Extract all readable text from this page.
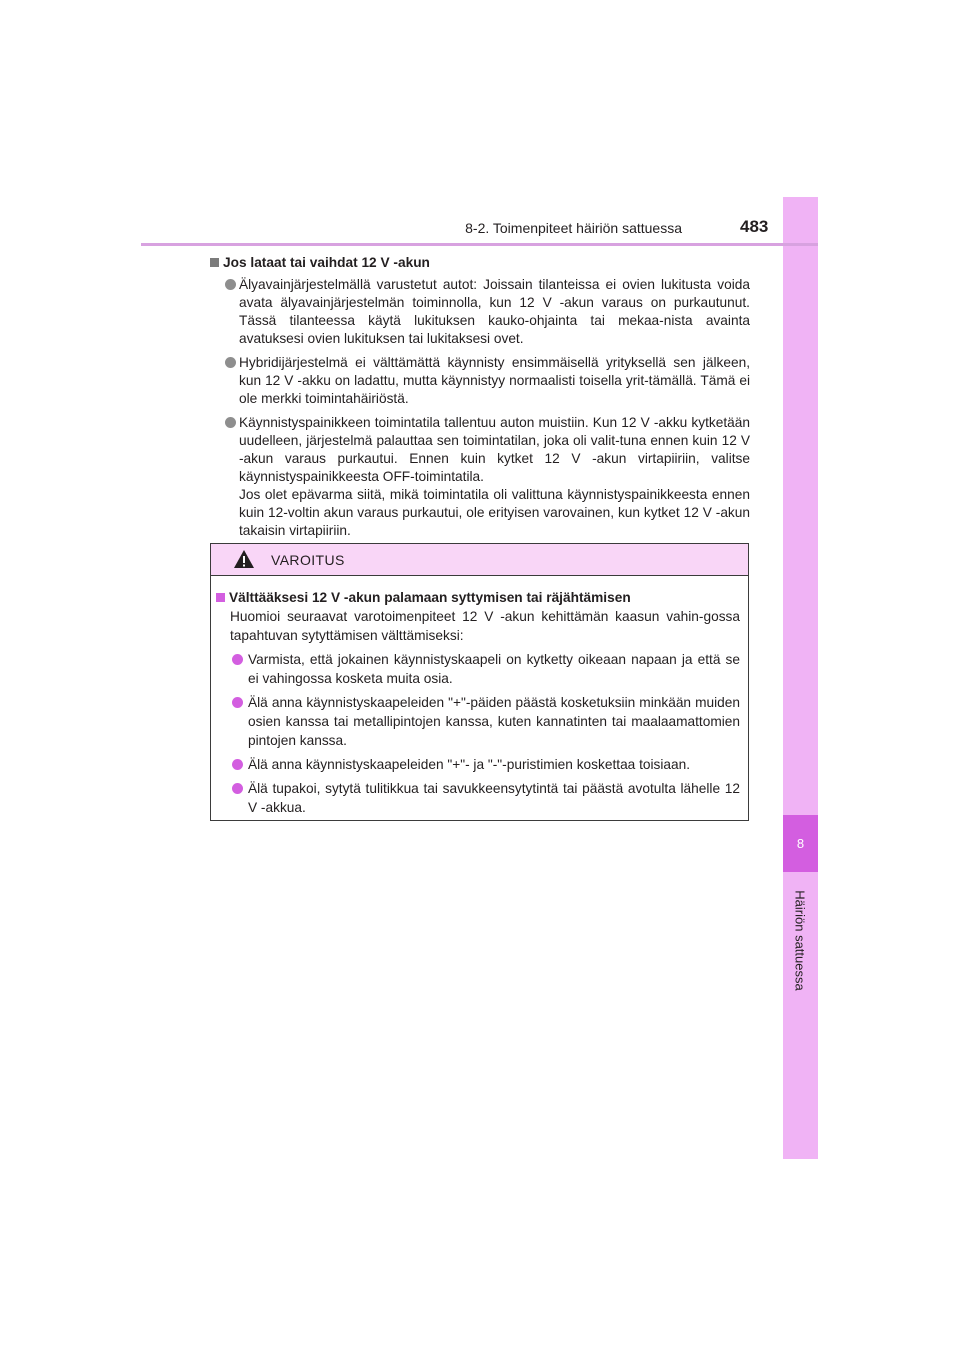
8
Häiriön sattuessa
8-2. Toimenpiteet häiriön sattuessa	483
Jos lataat tai vaihdat 12 V -akun
Älyavainjärjestelmällä varustetut autot: Joissain tilanteissa ei ovien lukitusta voida avata älyavainjärjestelmän toiminnolla, kun 12 V -akun varaus on purkautunut. Tässä tilanteessa käytä lukituksen kauko-ohjainta tai mekaa-nista avainta avatuksesi ovien lukituksen tai lukitaksesi ovet.
Hybridijärjestelmä ei välttämättä käynnisty ensimmäisellä yrityksellä sen jälkeen, kun 12 V -akku on ladattu, mutta käynnistyy normaalisti toisella yrit-tämällä. Tämä ei ole merkki toimintahäiriöstä.
Käynnistyspainikkeen toimintatila tallentuu auton muistiin. Kun 12 V -akku kytketään uudelleen, järjestelmä palauttaa sen toimintatilan, joka oli valit-tuna ennen kuin 12 V -akun varaus purkautui. Ennen kuin kytket 12 V -akun virtapiiriin, valitse käynnistyspainikkeesta OFF-toimintatila.
Jos olet epävarma siitä, mikä toimintatila oli valittuna käynnistyspainikkeesta ennen kuin 12-voltin akun varaus purkautui, ole erityisen varovainen, kun kytket 12 V -akun takaisin virtapiiriin.
VAROITUS
Välttääksesi 12 V -akun palamaan syttymisen tai räjähtämisen
Huomioi seuraavat varotoimenpiteet 12 V -akun kehittämän kaasun vahin-gossa tapahtuvan sytyttämisen välttämiseksi:
Varmista, että jokainen käynnistyskaapeli on kytketty oikeaan napaan ja että se ei vahingossa kosketa muita osia.
Älä anna käynnistyskaapeleiden "+"-päiden päästä kosketuksiin minkään muiden osien kanssa tai metallipintojen kanssa, kuten kannatinten tai maalaamattomien pintojen kanssa.
Älä anna käynnistyskaapeleiden "+"- ja "-"-puristimien koskettaa toisiaan.
Älä tupakoi, sytytä tulitikkua tai savukkeensytytintä tai päästä avotulta lähelle 12 V -akkua.
